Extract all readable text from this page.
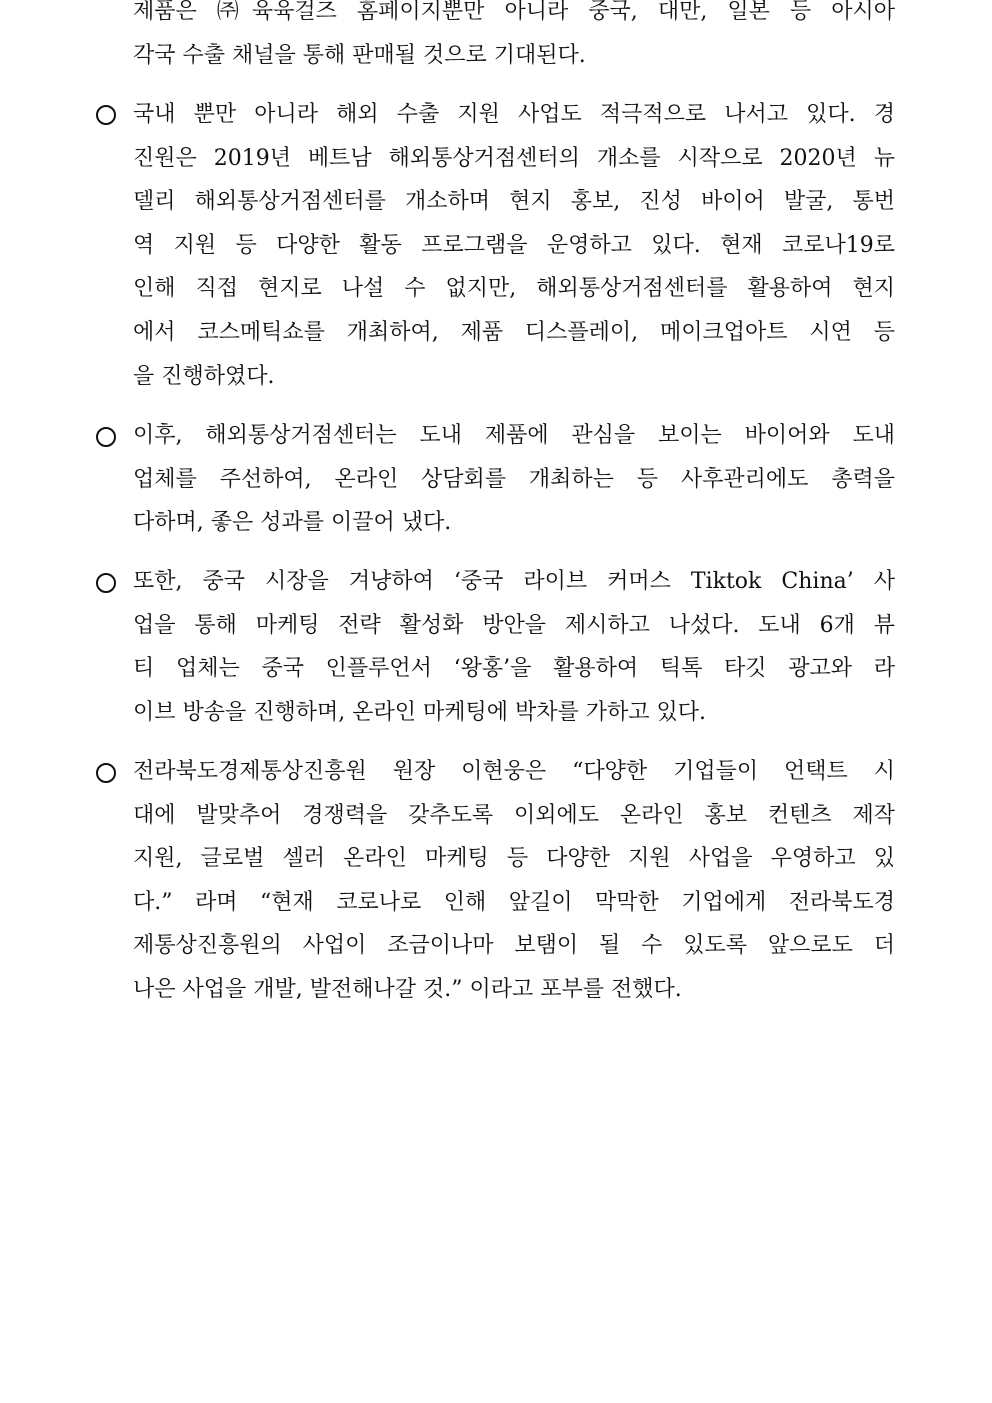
제품은 ㈜육육걸즈 홈페이지뿐만 아니라 중국, 대만, 일본 등 아시아
각국 수출 채널을 통해 판매될 것으로 기대된다.
국내 뿐만 아니라 해외 수출 지원 사업도 적극적으로 나서고 있다. 경
진원은 2019년 베트남 해외통상거점센터의 개소를 시작으로 2020년 뉴
델리 해외통상거점센터를 개소하며 현지 홍보, 진성 바이어 발굴, 통번
역 지원 등 다양한 활동 프로그램을 운영하고 있다. 현재 코로나19로
인해 직접 현지로 나설 수 없지만, 해외통상거점센터를 활용하여 현지
에서 코스메틱쇼를 개최하여, 제품 디스플레이, 메이크업아트 시연 등
을 진행하였다.
이후, 해외통상거점센터는 도내 제품에 관심을 보이는 바이어와 도내
업체를 주선하여, 온라인 상담회를 개최하는 등 사후관리에도 총력을
다하며, 좋은 성과를 이끌어 냈다.
또한, 중국 시장을 겨냥하여 ‘중국 라이브 커머스 Tiktok China’ 사
업을 통해 마케팅 전략 활성화 방안을 제시하고 나섰다. 도내 6개 뷰
티 업체는 중국 인플루언서 ‘왕홍’을 활용하여 틱톡 타깃 광고와 라
이브 방송을 진행하며, 온라인 마케팅에 박차를 가하고 있다.
전라북도경제통상진흥원 원장 이현웅은 “다양한 기업들이 언택트 시
대에 발맞추어 경쟁력을 갖추도록 이외에도 온라인 홍보 컨텐츠 제작
지원, 글로벌 셀러 온라인 마케팅 등 다양한 지원 사업을 우영하고 있
다.” 라며 “현재 코로나로 인해 앞길이 막막한 기업에게 전라북도경
제통상진흥원의 사업이 조금이나마 보탬이 될 수 있도록 앞으로도 더
나은 사업을 개발, 발전해나갈 것.” 이라고 포부를 전했다.
